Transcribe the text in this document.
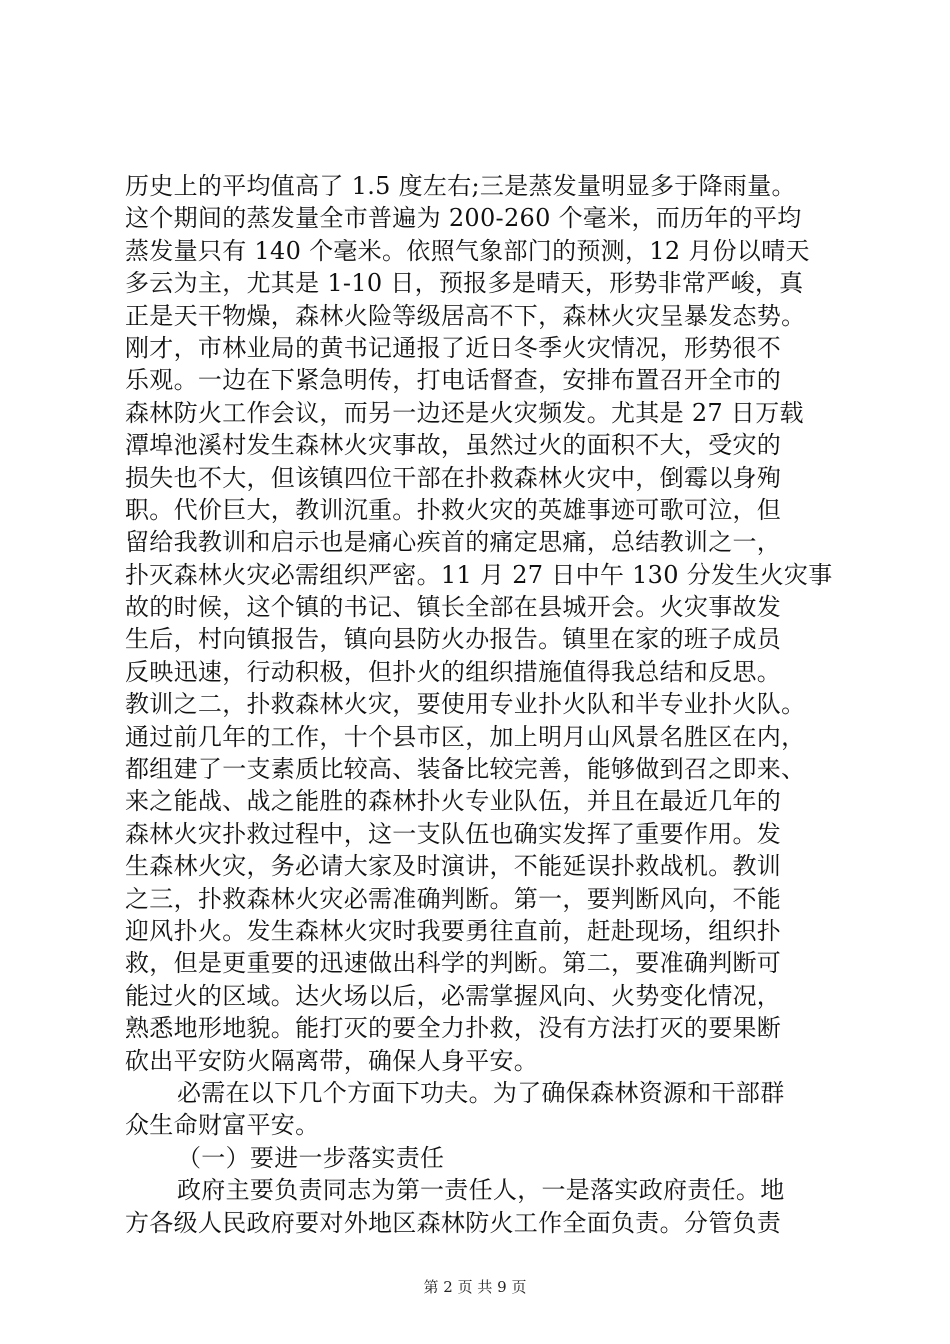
历史上的平均值高了 1.5 度左右;三是蒸发量明显多于降雨量。
这个期间的蒸发量全市普遍为 200-260 个毫米，而历年的平均
蒸发量只有 140 个毫米。依照气象部门的预测，12 月份以晴天
多云为主，尤其是 1-10 日，预报多是晴天，形势非常严峻，真
正是天干物燥，森林火险等级居高不下，森林火灾呈暴发态势。
刚才，市林业局的黄书记通报了近日冬季火灾情况，形势很不
乐观。一边在下紧急明传，打电话督查，安排布置召开全市的
森林防火工作会议，而另一边还是火灾频发。尤其是 27 日万载
潭埠池溪村发生森林火灾事故，虽然过火的面积不大，受灾的
损失也不大，但该镇四位干部在扑救森林火灾中，倒霉以身殉
职。代价巨大，教训沉重。扑救火灾的英雄事迹可歌可泣，但
留给我教训和启示也是痛心疾首的痛定思痛，总结教训之一，
扑灭森林火灾必需组织严密。11 月 27 日中午 130 分发生火灾事
故的时候，这个镇的书记、镇长全部在县城开会。火灾事故发
生后，村向镇报告，镇向县防火办报告。镇里在家的班子成员
反映迅速，行动积极，但扑火的组织措施值得我总结和反思。
教训之二，扑救森林火灾，要使用专业扑火队和半专业扑火队。
通过前几年的工作，十个县市区，加上明月山风景名胜区在内，
都组建了一支素质比较高、装备比较完善，能够做到召之即来、
来之能战、战之能胜的森林扑火专业队伍，并且在最近几年的
森林火灾扑救过程中，这一支队伍也确实发挥了重要作用。发
生森林火灾，务必请大家及时演讲，不能延误扑救战机。教训
之三，扑救森林火灾必需准确判断。第一，要判断风向，不能
迎风扑火。发生森林火灾时我要勇往直前，赶赴现场，组织扑
救，但是更重要的迅速做出科学的判断。第二，要准确判断可
能过火的区域。达火场以后，必需掌握风向、火势变化情况，
熟悉地形地貌。能打灭的要全力扑救，没有方法打灭的要果断
砍出平安防火隔离带，确保人身平安。
必需在以下几个方面下功夫。为了确保森林资源和干部群
众生命财富平安。
（一）要进一步落实责任
政府主要负责同志为第一责任人，一是落实政府责任。地
方各级人民政府要对外地区森林防火工作全面负责。分管负责
第 2 页 共 9 页
